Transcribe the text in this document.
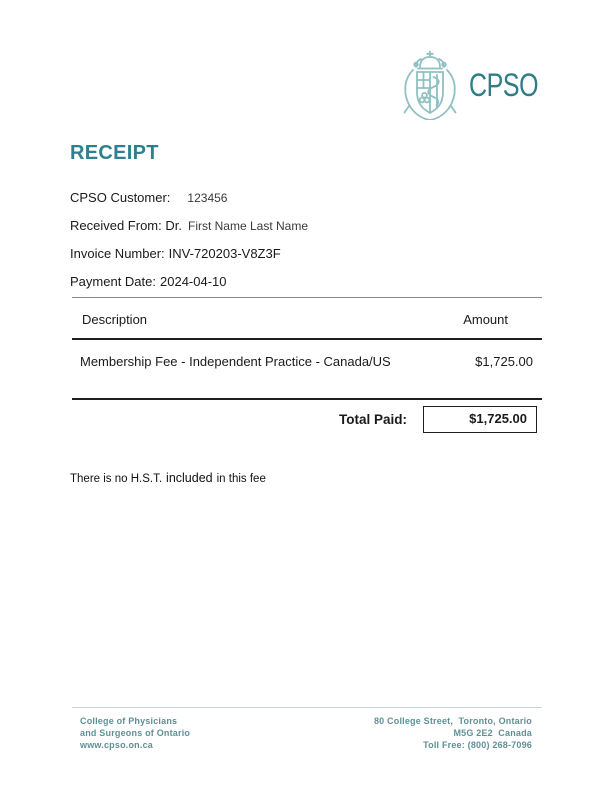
CPSO
RECEIPT
CPSO Customer: 123456
Received From: Dr. First Name Last Name
Invoice Number: INV-720203-V8Z3F
Payment Date: 2024-04-10
Description	Amount
Membership Fee - Independent Practice - Canada/US	$1,725.00
Total Paid:	$1,725.00
There is no H.S.T. included in this fee
College of Physicians
and Surgeons of Ontario
www.cpso.on.ca
80 College Street,  Toronto, Ontario
M5G 2E2  Canada
Toll Free: (800) 268-7096
